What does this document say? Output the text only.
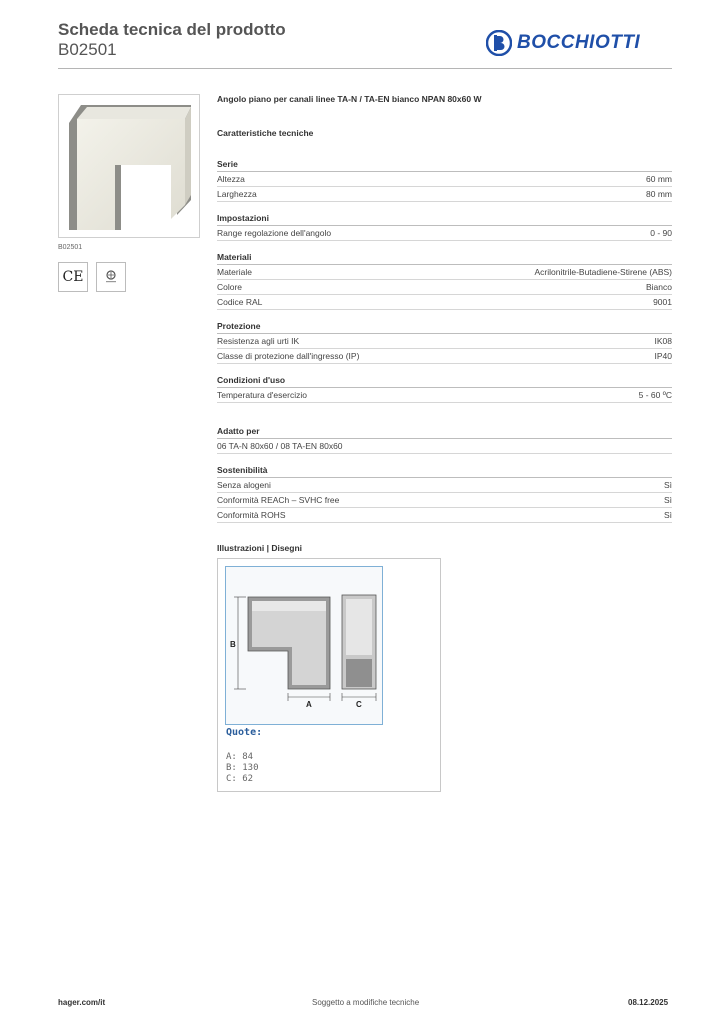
Scheda tecnica del prodotto
B02501	BOCCHIOTTI
B02501
CE
Angolo piano per canali linee TA-N / TA-EN bianco NPAN 80x60 W
Caratteristiche tecniche
Serie
Altezza	60 mm
Larghezza	80 mm
Impostazioni
Range regolazione dell'angolo	0 - 90
Materiali
Materiale	Acrilonitrile-Butadiene-Stirene (ABS)
Colore	Bianco
Codice RAL	9001
Protezione
Resistenza agli urti IK	IK08
Classe di protezione dall'ingresso (IP)	IP40
Condizioni d'uso
Temperatura d'esercizio	5 - 60 ºC
Adatto per
06 TA-N 80x60 / 08 TA-EN 80x60
Sostenibilità
Senza alogeni	Sì
Conformità REACh – SVHC free	Sì
Conformità ROHS	Sì
Illustrazioni | Disegni
B
A	C
Quote:
A: 84
B: 130
C: 62
hager.com/it	Soggetto a modifiche tecniche	08.12.2025
